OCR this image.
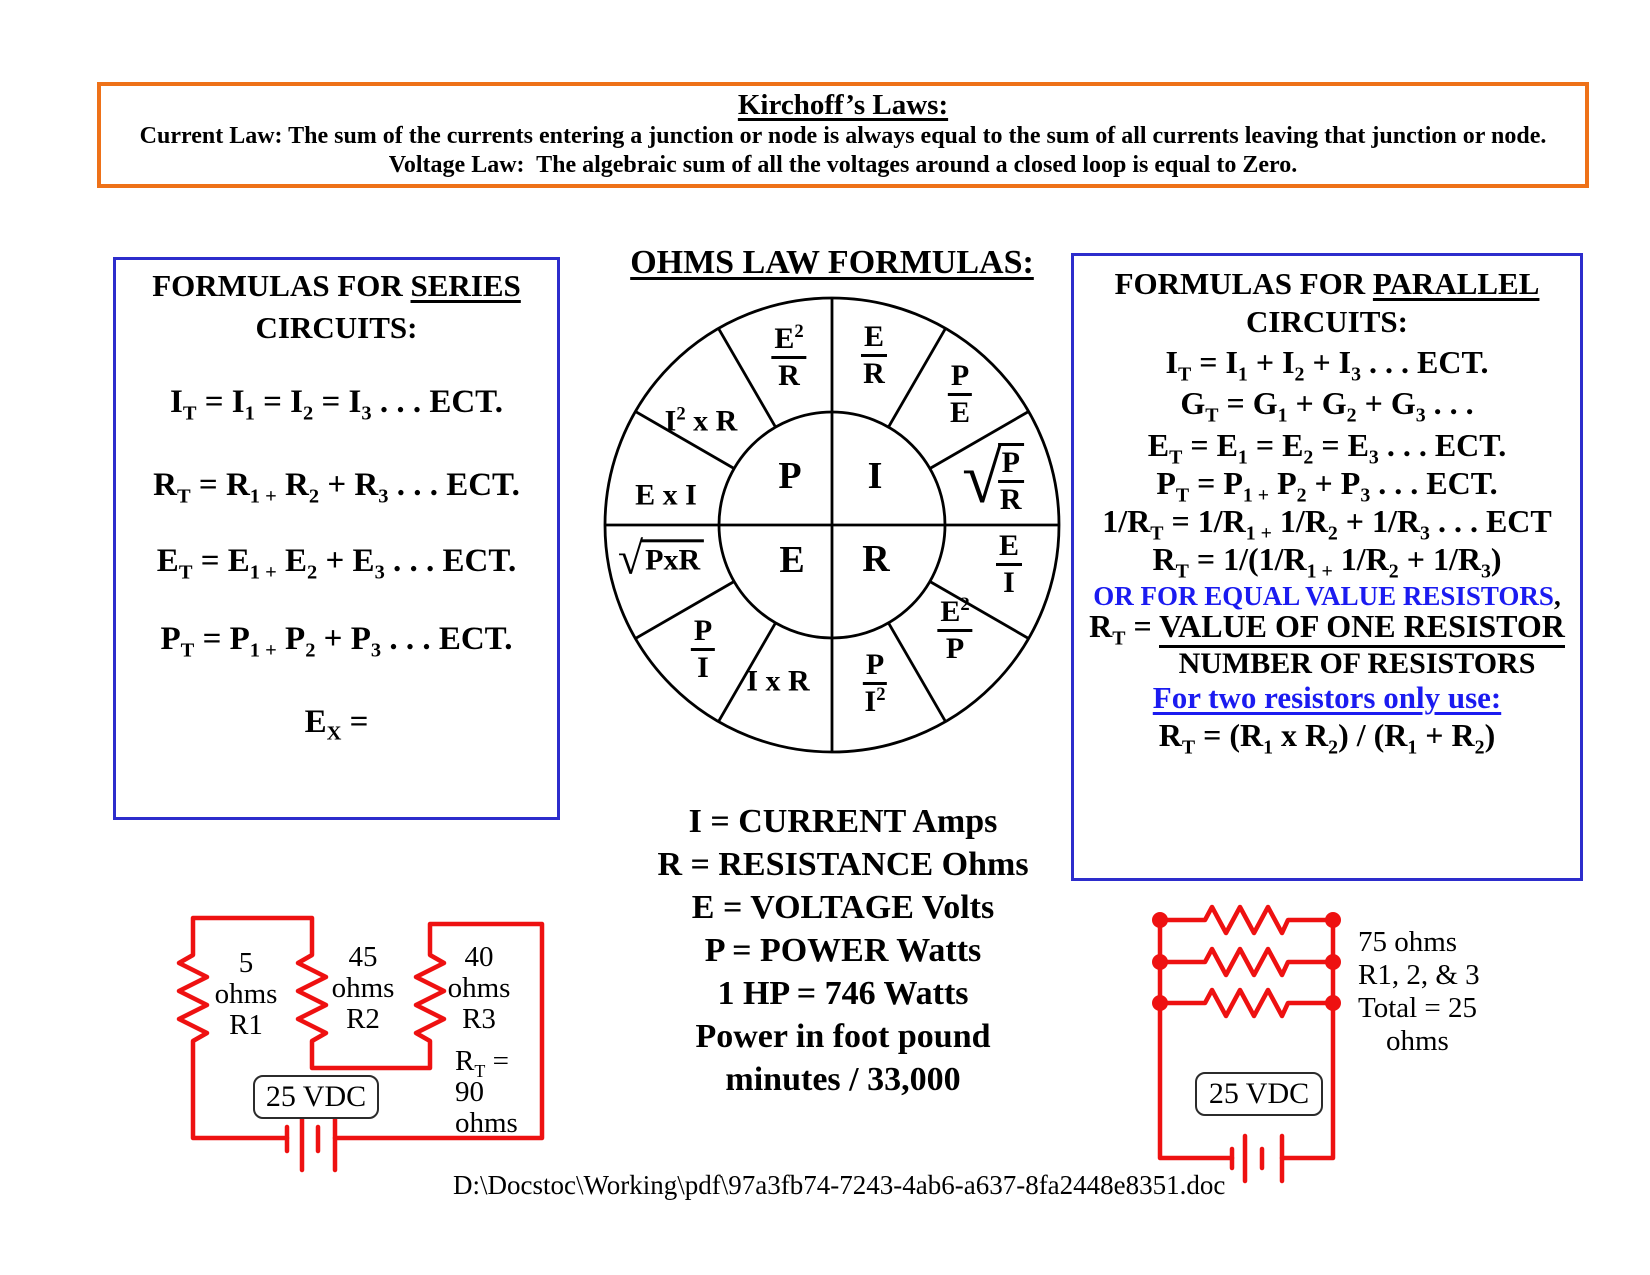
Kirchoff’s Laws:
Current Law: The sum of the currents entering a junction or node is always equal to the sum of all currents leaving that junction or node.
Voltage Law:  The algebraic sum of all the voltages around a closed loop is equal to Zero.
FORMULAS FOR SERIES
CIRCUITS:
$I_T = I_1 = I_2 = I_3$ . . . ECT.
$R_T = R_{1 +}$ $R_2 + R_3$ . . . ECT.
$E_T = E_{1 +}$ $E_2 + E_3$ . . . ECT.
$P_T = P_{1 +}$ $P_2 + P_3$ . . . ECT.
$E_X$ =
OHMS LAW FORMULAS:
$\frac{E^2}{R} \frac{E}{R}$
$\frac{P}{E}$
√
$\frac{P}{R}$
$\frac{E}{I}$
$\frac{E^2}{P}$
$\frac{P}{I^2}$
I x R
$\frac{P}{I}$
√ PxR
E x I
$I^2$ x R
P I
E R
FORMULAS FOR PARALLEL
CIRCUITS:
$I_T = I_1 + I_2 + I_3$ . . . ECT.
$G_T = G_1 + G_2 + G_3$ . . .
$E_T = E_1 = E_2 = E_3$ . . . ECT.
$P_T = P_{1 +}$ $P_2 + P_3$ . . . ECT.
$1/R_T = 1/R_{1 +}$ $1/R_2 + 1/R_3$ . . . ECT
$R_T = 1/(1/R_{1 +}$ $1/R_2 + 1/R_3$)
OR FOR EQUAL VALUE RESISTORS,
$R_T$ = VALUE OF ONE RESISTOR
NUMBER OF RESISTORS
For two resistors only use:
$R_T = (R_1$ x $R_2) / (R_1 + R_2)$
I = CURRENT Amps
R = RESISTANCE Ohms
E = VOLTAGE Volts
P = POWER Watts
1 HP = 746 Watts
Power in foot pound
minutes / 33,000
5
ohms
R1
45
ohms
R2
40
ohms
R3
25 VDC
$R_T$ =
90
ohms
75 ohms
R1, 2, & 3
Total = 25
ohms
25 VDC
D:\Docstoc\Working\pdf\97a3fb74-7243-4ab6-a637-8fa2448e8351.doc
